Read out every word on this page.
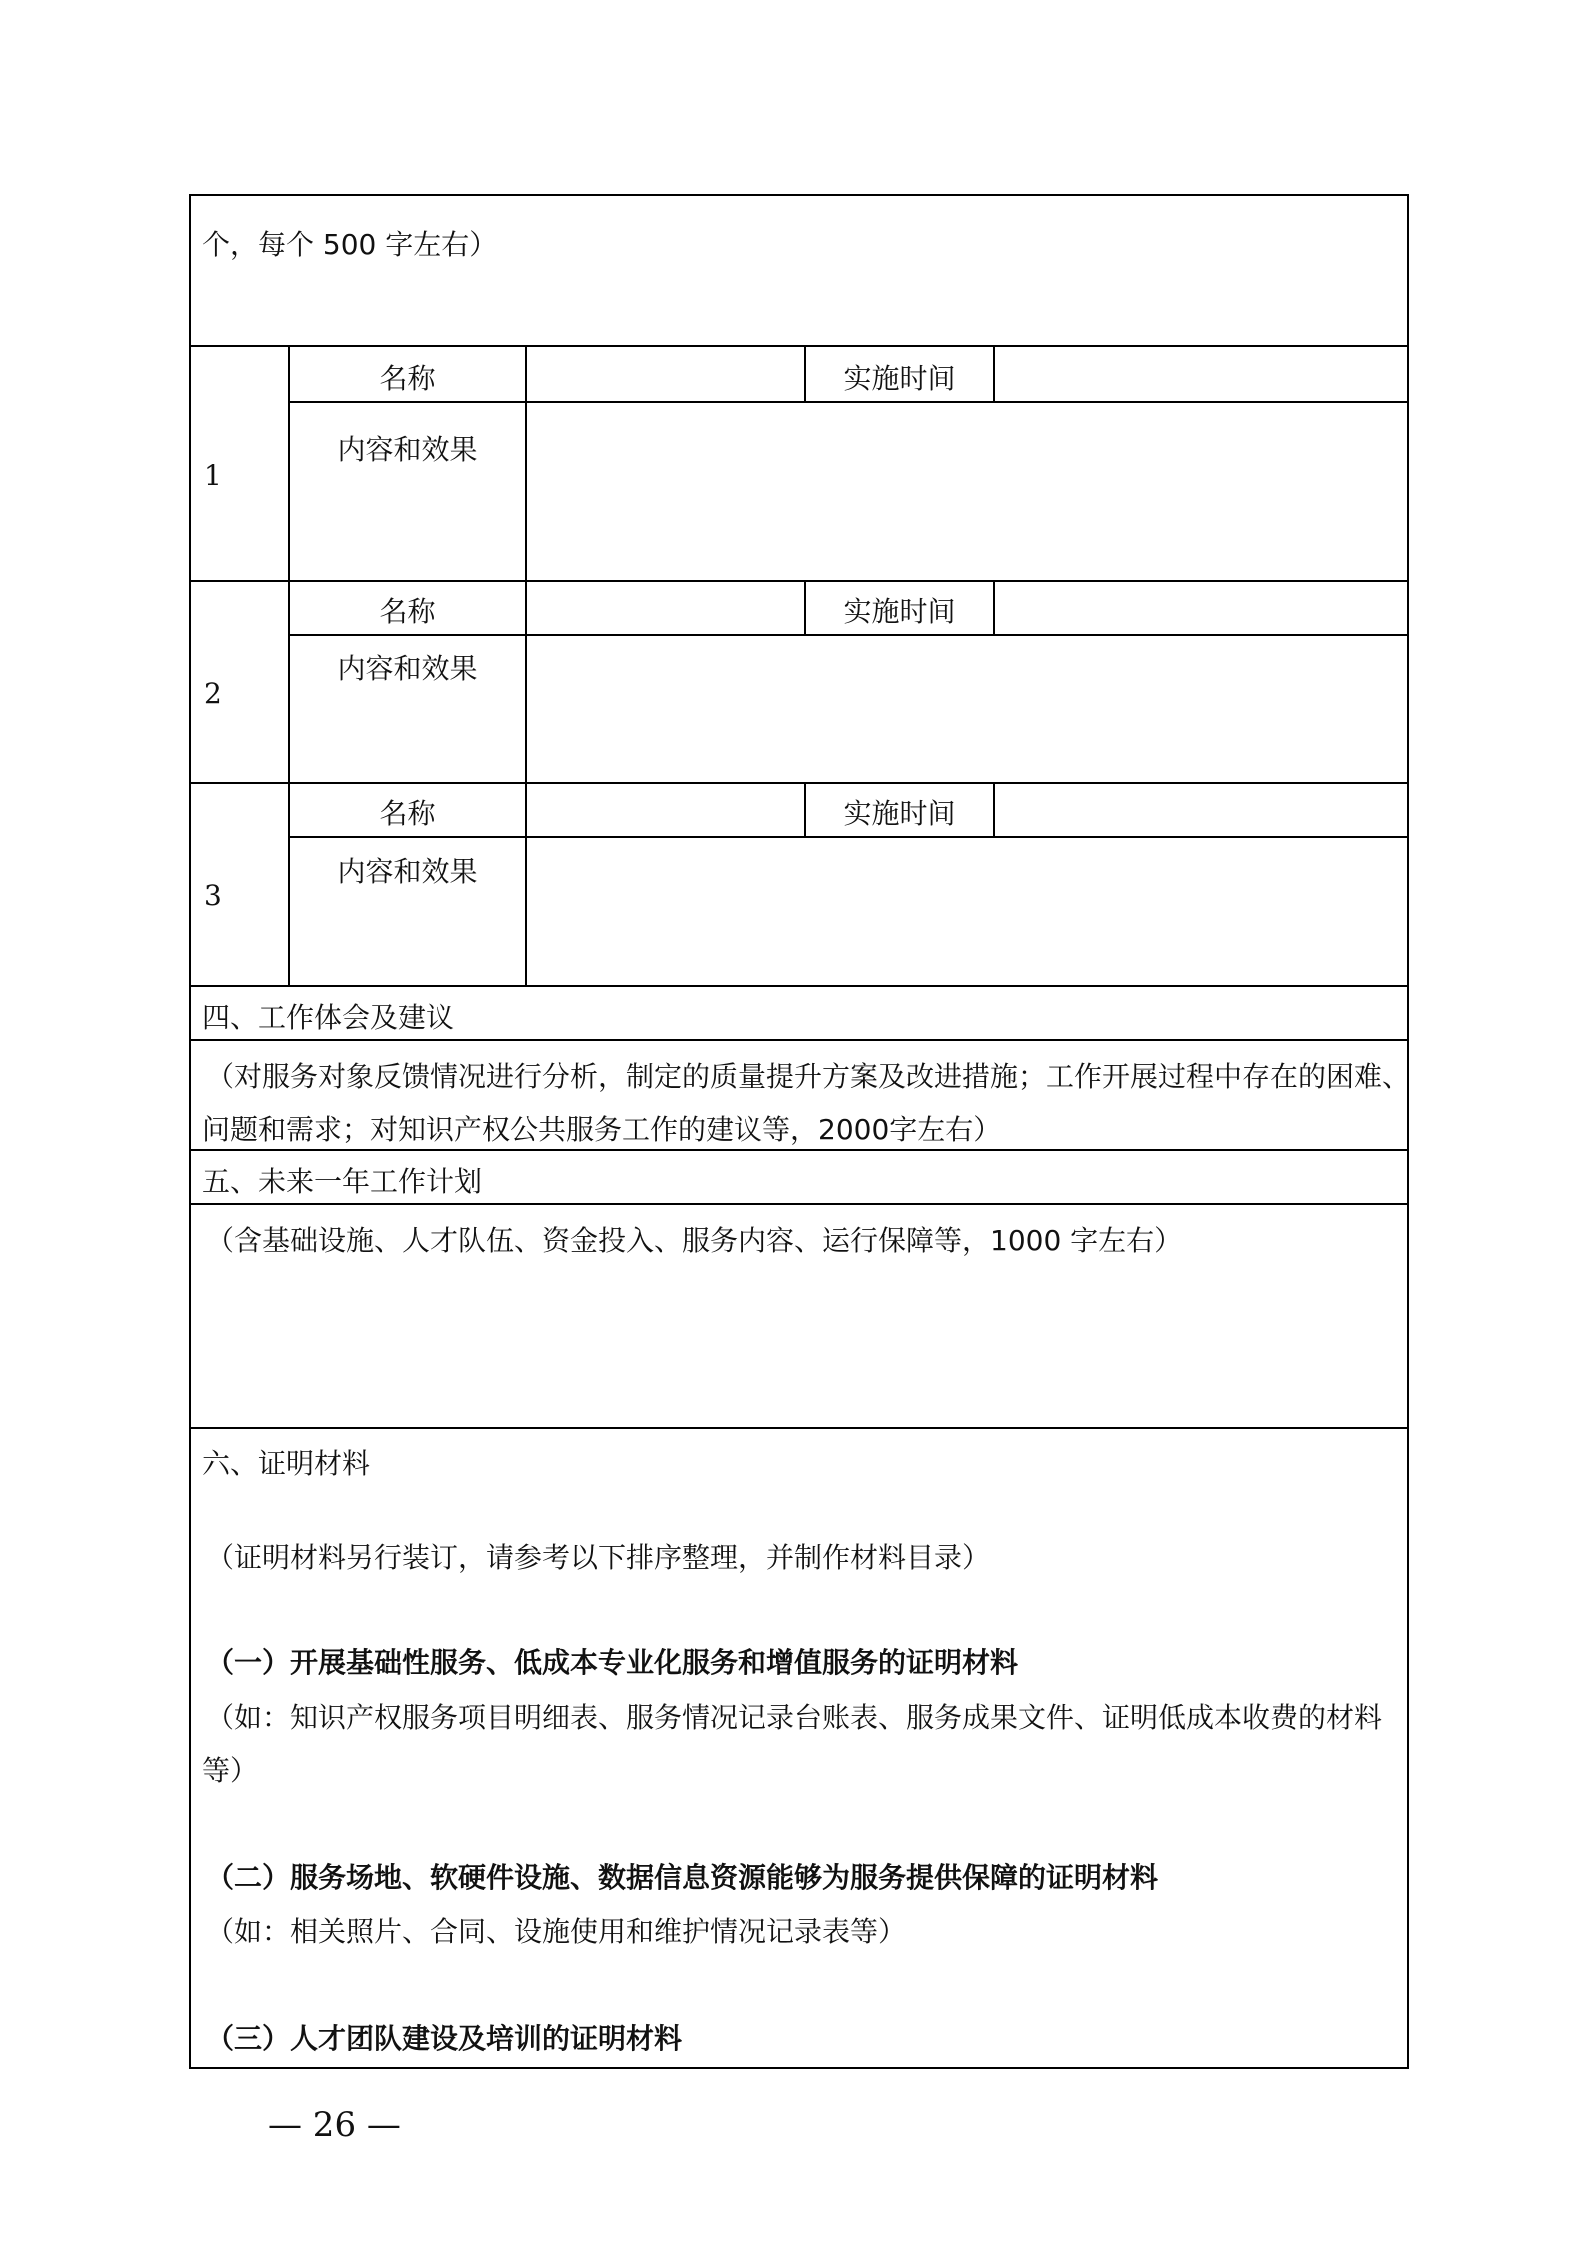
个，每个 500 字左右）
1
名称	实施时间
内容和效果
2
名称	实施时间
内容和效果
3
名称	实施时间
内容和效果
四、工作体会及建议
（对服务对象反馈情况进行分析，制定的质量提升方案及改进措施；工作开展过程中存在的困难、
问题和需求；对知识产权公共服务工作的建议等，2000字左右）
五、未来一年工作计划
（含基础设施、人才队伍、资金投入、服务内容、运行保障等，1000 字左右）
六、证明材料
（证明材料另行装订，请参考以下排序整理，并制作材料目录）
（一）开展基础性服务、低成本专业化服务和增值服务的证明材料
（如：知识产权服务项目明细表、服务情况记录台账表、服务成果文件、证明低成本收费的材料
等）
（二）服务场地、软硬件设施、数据信息资源能够为服务提供保障的证明材料
（如：相关照片、合同、设施使用和维护情况记录表等）
（三）人才团队建设及培训的证明材料
— 26 —
